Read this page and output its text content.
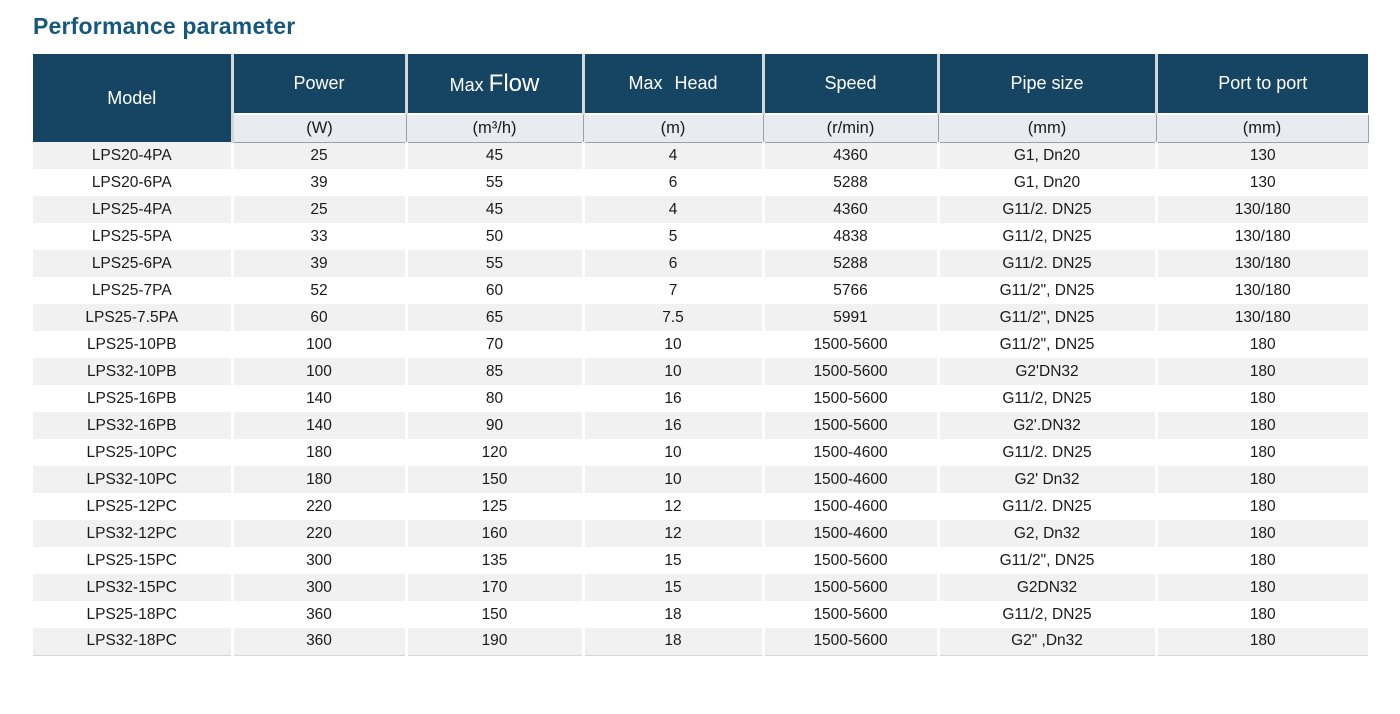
Performance parameter
Model	Power	Max Flow	Max Head	Speed	Pipe size	Port to port
	(W)	(m³/h)	(m)	(r/min)	(mm)	(mm)
LPS20-4PA	25	45	4	4360	G1, Dn20	130
LPS20-6PA	39	55	6	5288	G1, Dn20	130
LPS25-4PA	25	45	4	4360	G11/2. DN25	130/180
LPS25-5PA	33	50	5	4838	G11/2, DN25	130/180
LPS25-6PA	39	55	6	5288	G11/2. DN25	130/180
LPS25-7PA	52	60	7	5766	G11/2", DN25	130/180
LPS25-7.5PA	60	65	7.5	5991	G11/2", DN25	130/180
LPS25-10PB	100	70	10	1500-5600	G11/2", DN25	180
LPS32-10PB	100	85	10	1500-5600	G2'DN32	180
LPS25-16PB	140	80	16	1500-5600	G11/2, DN25	180
LPS32-16PB	140	90	16	1500-5600	G2'.DN32	180
LPS25-10PC	180	120	10	1500-4600	G11/2. DN25	180
LPS32-10PC	180	150	10	1500-4600	G2' Dn32	180
LPS25-12PC	220	125	12	1500-4600	G11/2. DN25	180
LPS32-12PC	220	160	12	1500-4600	G2, Dn32	180
LPS25-15PC	300	135	15	1500-5600	G11/2", DN25	180
LPS32-15PC	300	170	15	1500-5600	G2DN32	180
LPS25-18PC	360	150	18	1500-5600	G11/2, DN25	180
LPS32-18PC	360	190	18	1500-5600	G2" ,Dn32	180
